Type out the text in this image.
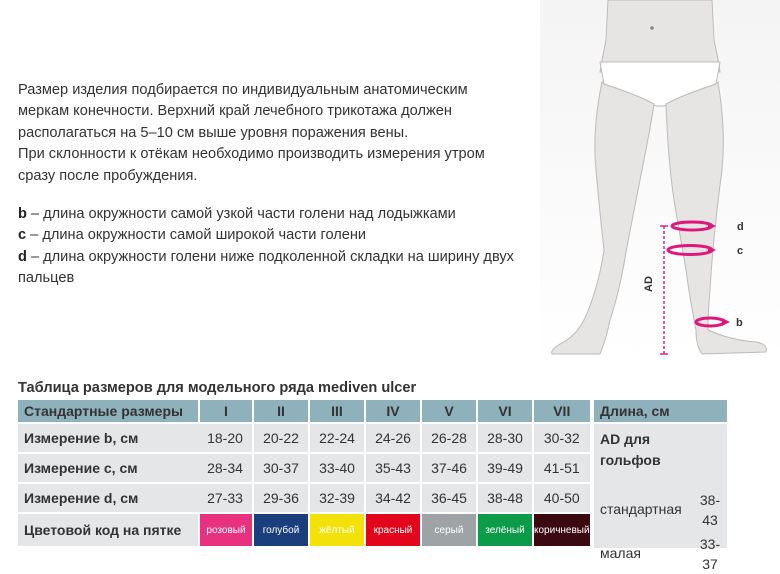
Размер изделия подбирается по индивидуальным анатомическим

меркам конечности. Верхний край лечебного трикотажа должен

располагаться на 5–10 см выше уровня поражения вены.

При склонности к отёкам необходимо производить измерения утром

сразу после пробуждения.

b – длина окружности самой узкой части голени над лодыжками

c – длина окружности самой широкой части голени

d – длина окружности голени ниже подколенной складки на ширину двух

пальцев	AD
d
c
b
Таблица размеров для модельного ряда mediven ulcer
Стандартные размеры	I	II	III	IV	V	VI	VII
Измерение b, см	18-20	20-22	22-24	24-26	26-28	28-30	30-32
Измерение c, см	28-34	30-37	33-40	35-43	37-46	39-49	41-51
Измерение d, см	27-33	29-36	32-39	34-42	36-45	38-48	40-50
Цветовой код на пятке	розовый	голубой	жёлтый	красный	серый	зелёный	коричневый
Длина, см
AD для гольфов
стандартная
38-43
малая
33-37
